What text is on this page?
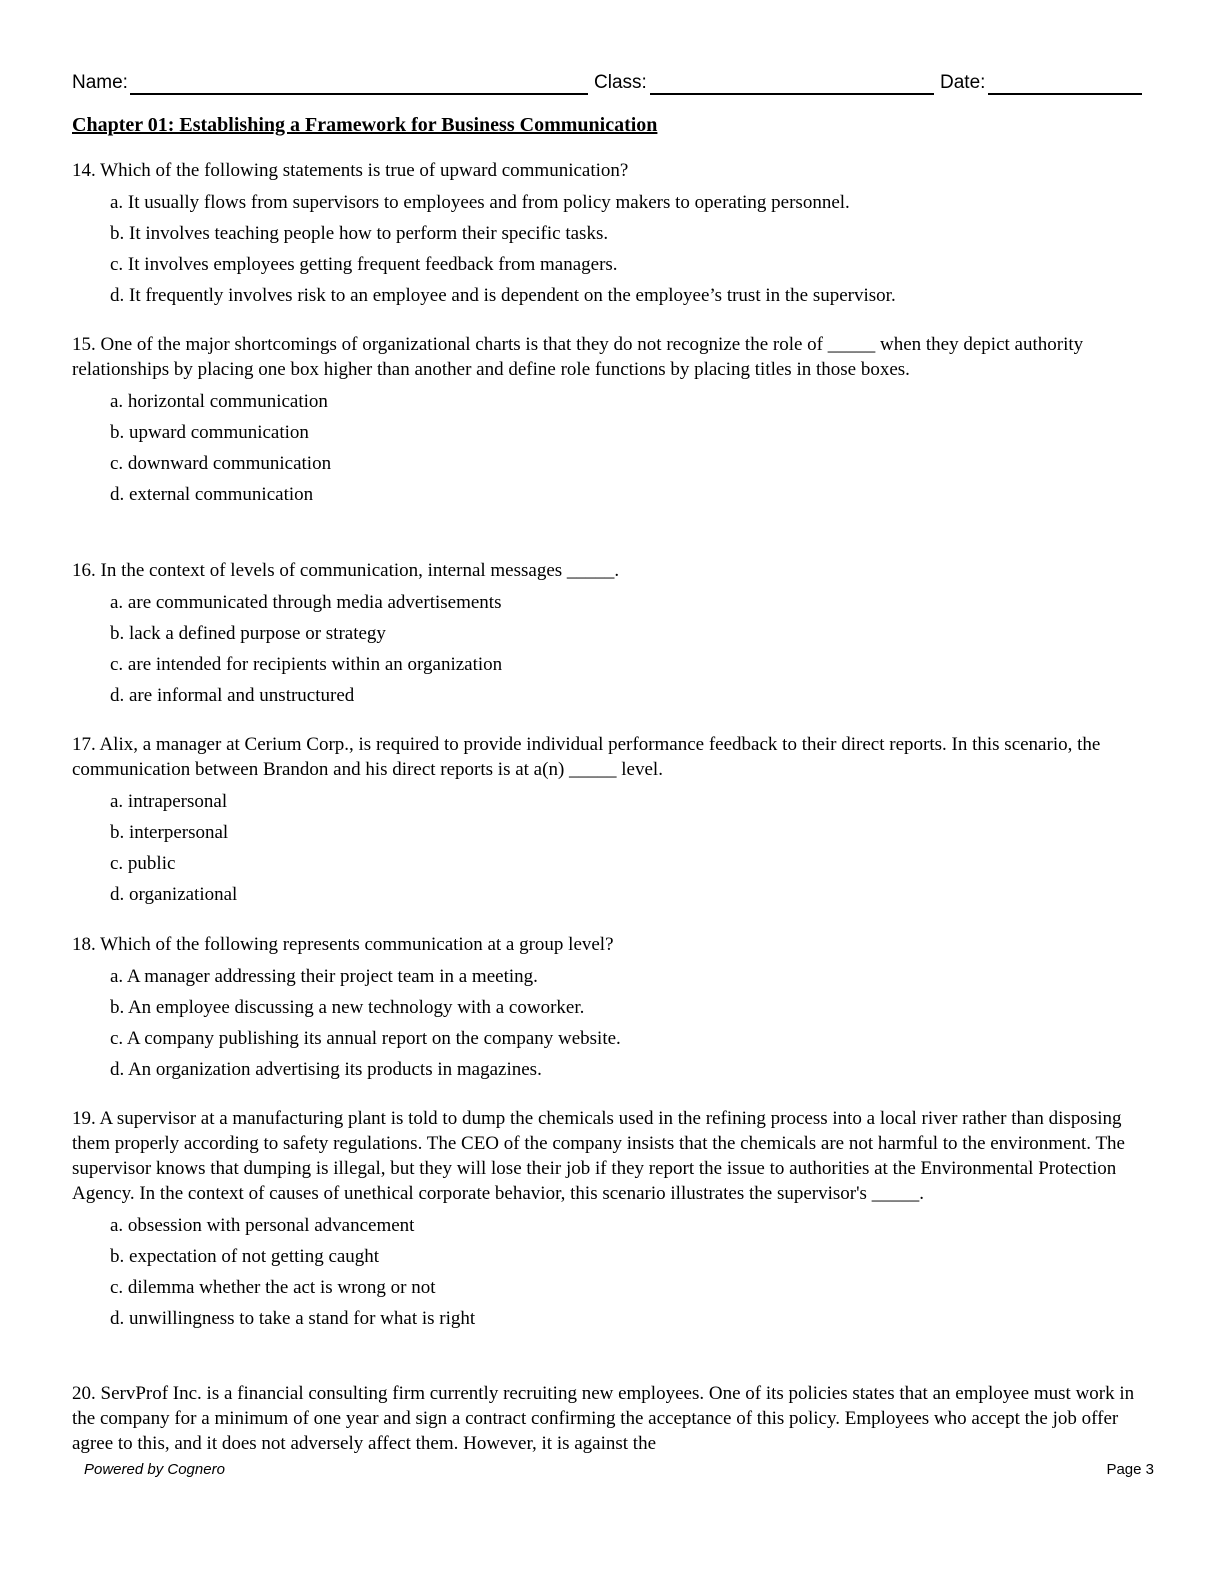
Name:	Class:	Date:
Chapter 01: Establishing a Framework for Business Communication

14. Which of the following statements is true of upward communication?

a. It usually flows from supervisors to employees and from policy makers to operating personnel.
b. It involves teaching people how to perform their specific tasks.
c. It involves employees getting frequent feedback from managers.
d. It frequently involves risk to an employee and is dependent on the employee’s trust in the supervisor.

15. One of the major shortcomings of organizational charts is that they do not recognize the role of _____ when they depict authority relationships by placing one box higher than another and define role functions by placing titles in those boxes.

a. horizontal communication
b. upward communication
c. downward communication
d. external communication

16. In the context of levels of communication, internal messages _____.

a. are communicated through media advertisements
b. lack a defined purpose or strategy
c. are intended for recipients within an organization
d. are informal and unstructured

17. Alix, a manager at Cerium Corp., is required to provide individual performance feedback to their direct reports. In this scenario, the communication between Brandon and his direct reports is at a(n) _____ level.

a. intrapersonal
b. interpersonal
c. public
d. organizational

18. Which of the following represents communication at a group level?

a. A manager addressing their project team in a meeting.
b. An employee discussing a new technology with a coworker.
c. A company publishing its annual report on the company website.
d. An organization advertising its products in magazines.

19. A supervisor at a manufacturing plant is told to dump the chemicals used in the refining process into a local river rather than disposing them properly according to safety regulations. The CEO of the company insists that the chemicals are not harmful to the environment. The supervisor knows that dumping is illegal, but they will lose their job if they report the issue to authorities at the Environmental Protection Agency. In the context of causes of unethical corporate behavior, this scenario illustrates the supervisor's _____.

a. obsession with personal advancement
b. expectation of not getting caught
c. dilemma whether the act is wrong or not
d. unwillingness to take a stand for what is right

20. ServProf Inc. is a financial consulting firm currently recruiting new employees. One of its policies states that an employee must work in the company for a minimum of one year and sign a contract confirming the acceptance of this policy. Employees who accept the job offer agree to this, and it does not adversely affect them. However, it is against the

Powered by Cognero	Page 3
